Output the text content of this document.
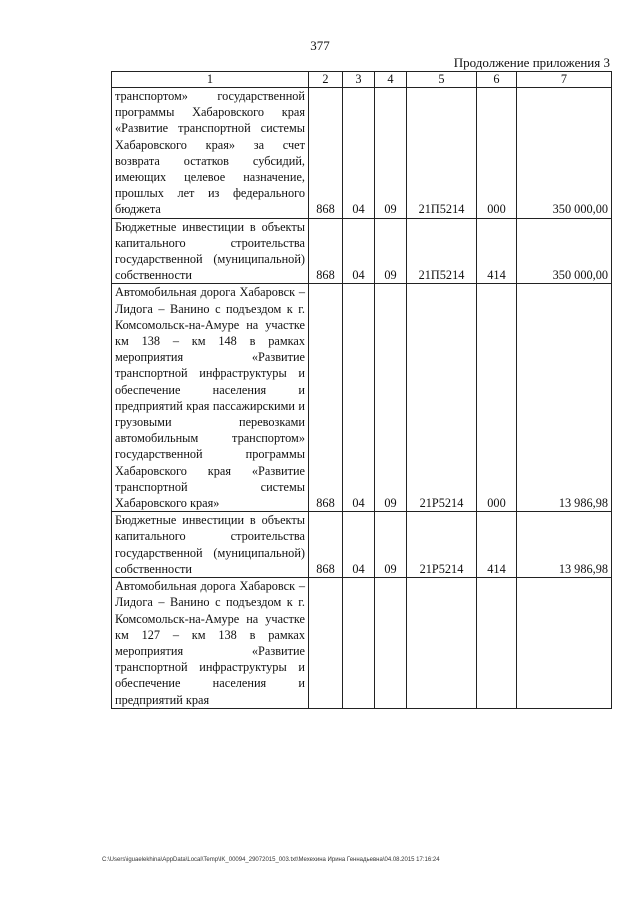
377
Продолжение приложения 3
1	2	3	4	5	6	7
транспортом» государственной программы Хабаровского края «Развитие транспортной системы Хабаровского края» за счет возврата остатков субсидий, имеющих целевое назначение, прошлых лет из федерального бюджета	868	04	09	21П5214	000	350 000,00
Бюджетные инвестиции в объекты капитального строительства государственной (муниципальной) собственности	868	04	09	21П5214	414	350 000,00
Автомобильная дорога Хабаровск – Лидога – Ванино с подъездом к г. Комсомольск-на-Амуре на участке км 138 – км 148 в рамках мероприятия «Развитие транспортной инфраструктуры и обеспечение населения и предприятий края пассажирскими и грузовыми перевозками автомобильным транспортом» государственной программы Хабаровского края «Развитие транспортной системы Хабаровского края»	868	04	09	21Р5214	000	13 986,98
Бюджетные инвестиции в объекты капитального строительства государственной (муниципальной) собственности	868	04	09	21Р5214	414	13 986,98
Автомобильная дорога Хабаровск – Лидога – Ванино с подъездом к г. Комсомольск-на-Амуре на участке км 127 – км 138 в рамках мероприятия «Развитие транспортной инфраструктуры и обеспечение населения и предприятий края						
C:\Users\iguaelekhina\AppData\Local\Temp\IK_00094_29072015_003.txt\Мехехина Ирина Геннадьевна\04.08.2015 17:16:24
